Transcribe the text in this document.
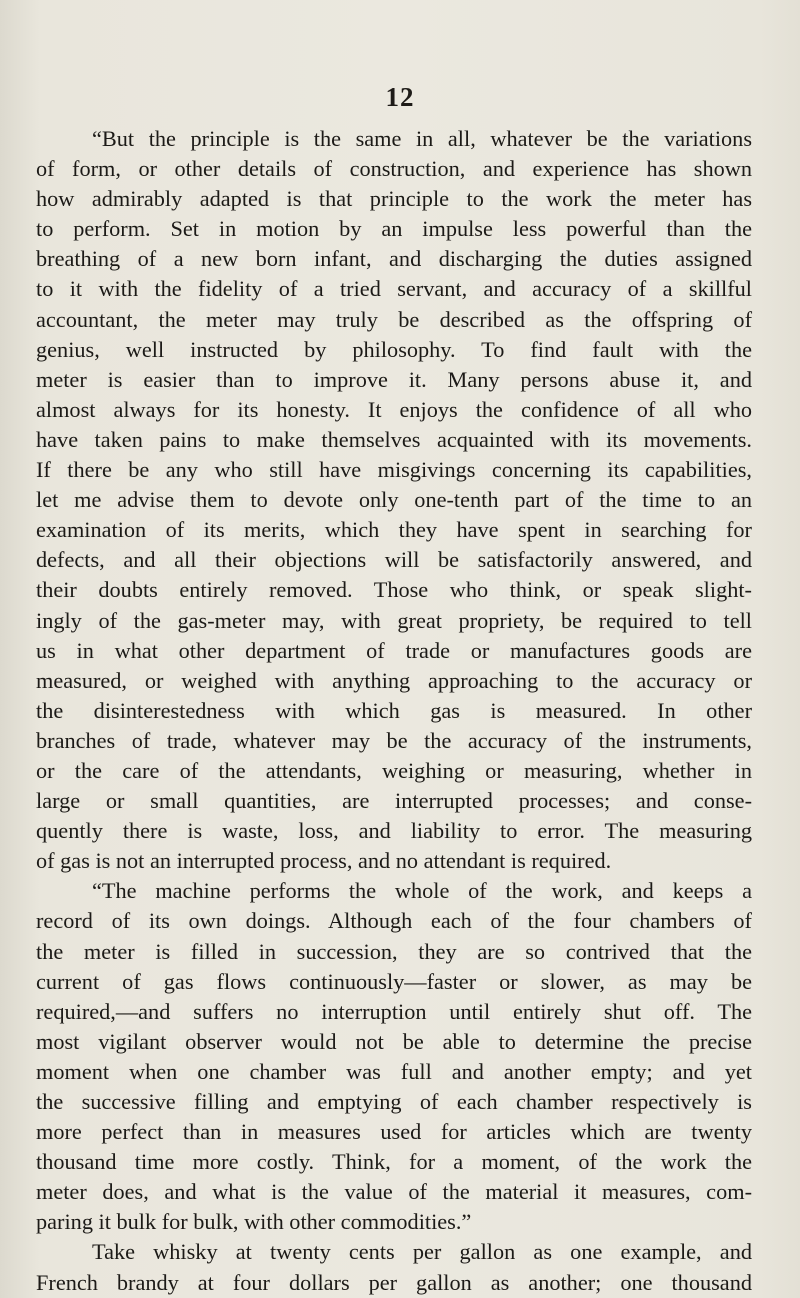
12
“But the principle is the same in all, whatever be the variations
of form, or other details of construction, and experience has shown
how admirably adapted is that principle to the work the meter has
to perform. Set in motion by an impulse less powerful than the
breathing of a new born infant, and discharging the duties assigned
to it with the fidelity of a tried servant, and accuracy of a skillful
accountant, the meter may truly be described as the offspring of
genius, well instructed by philosophy. To find fault with the
meter is easier than to improve it. Many persons abuse it, and
almost always for its honesty. It enjoys the confidence of all who
have taken pains to make themselves acquainted with its movements.
If there be any who still have misgivings concerning its capabilities,
let me advise them to devote only one-tenth part of the time to an
examination of its merits, which they have spent in searching for
defects, and all their objections will be satisfactorily answered, and
their doubts entirely removed. Those who think, or speak slight-
ingly of the gas-meter may, with great propriety, be required to tell
us in what other department of trade or manufactures goods are
measured, or weighed with anything approaching to the accuracy or
the disinterestedness with which gas is measured. In other
branches of trade, whatever may be the accuracy of the instruments,
or the care of the attendants, weighing or measuring, whether in
large or small quantities, are interrupted processes; and conse-
quently there is waste, loss, and liability to error. The measuring
of gas is not an interrupted process, and no attendant is required.
“The machine performs the whole of the work, and keeps a
record of its own doings. Although each of the four chambers of
the meter is filled in succession, they are so contrived that the
current of gas flows continuously—faster or slower, as may be
required,—and suffers no interruption until entirely shut off. The
most vigilant observer would not be able to determine the precise
moment when one chamber was full and another empty; and yet
the successive filling and emptying of each chamber respectively is
more perfect than in measures used for articles which are twenty
thousand time more costly. Think, for a moment, of the work the
meter does, and what is the value of the material it measures, com-
paring it bulk for bulk, with other commodities.”
Take whisky at twenty cents per gallon as one example, and
French brandy at four dollars per gallon as another; one thousand
